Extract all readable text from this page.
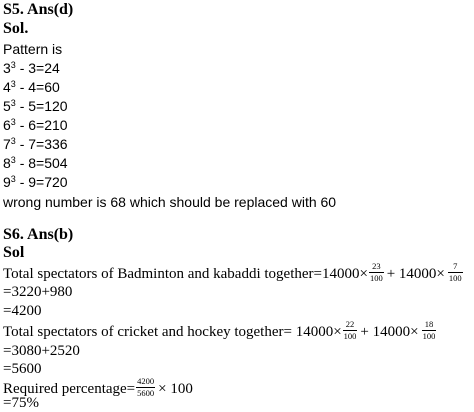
S5. Ans(d)
Sol.
Pattern is
$3^3 - 3=24$
$4^3 - 4=60$
$5^3 - 5=120$
$6^3 - 6=210$
$7^3 - 7=336$
$8^3 - 8=504$
$9^3 - 9=720$
wrong number is 68 which should be replaced with 60
S6. Ans(b)
Sol
Total spectators of Badminton and kabaddi together=14000× $\frac{23}{100} + 14000\times \frac{7}{100}$
=3220+980
=4200
Total spectators of cricket and hockey together= $14000\times \frac{22}{100} + 14000\times \frac{18}{100}$
=3080+2520
=5600
Required percentage= $\frac{4200}{5600} \times 100$
=75%
